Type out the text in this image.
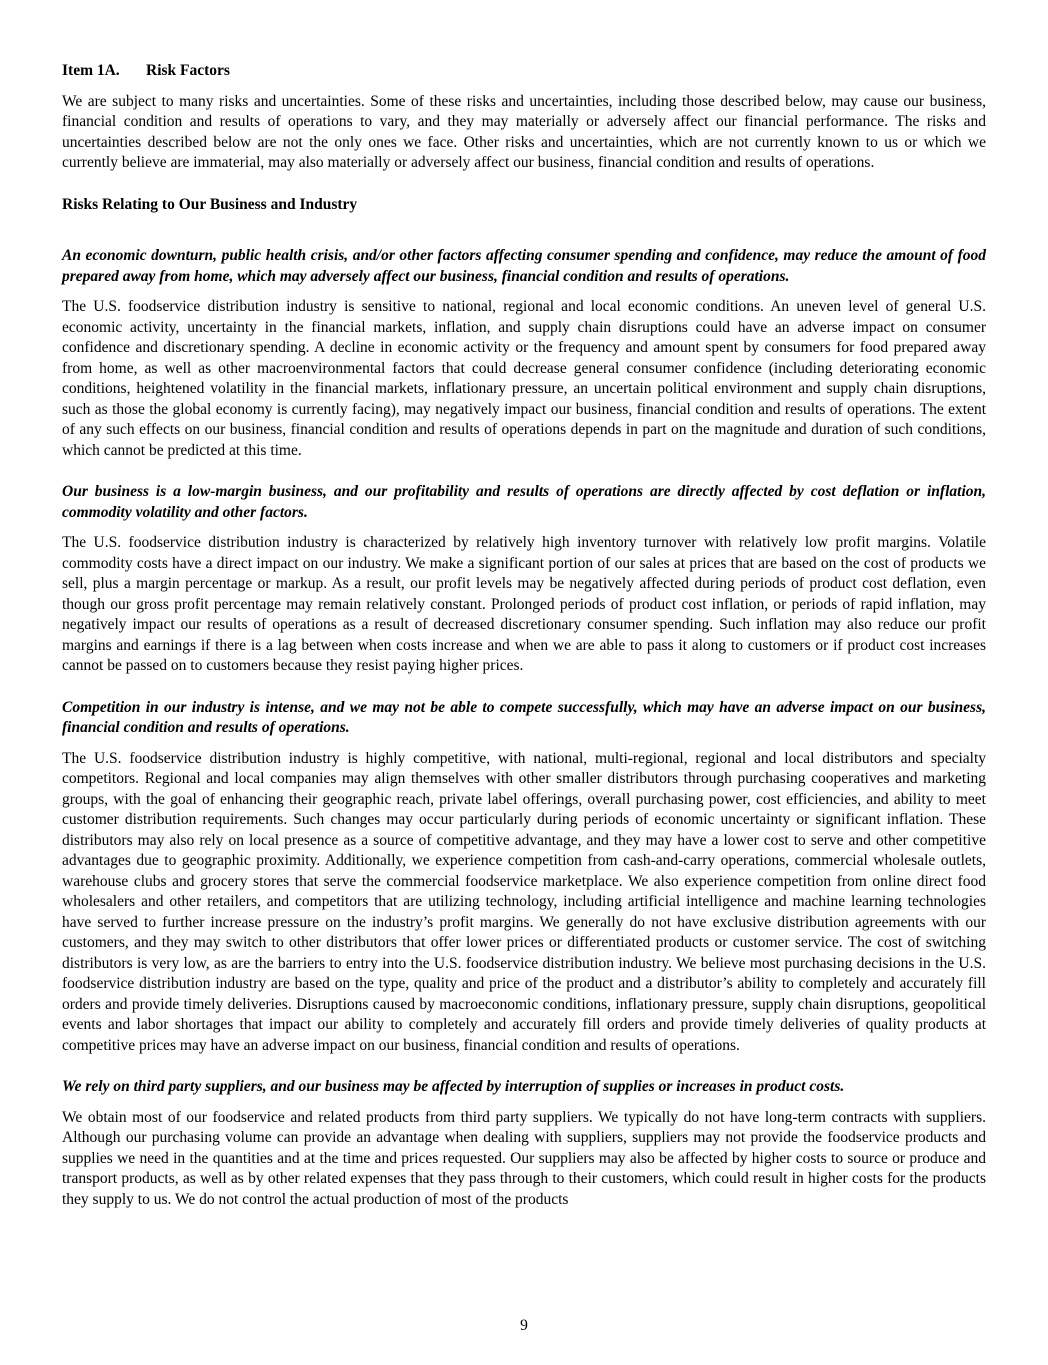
Item 1A. Risk Factors

We are subject to many risks and uncertainties. Some of these risks and uncertainties, including those described below, may cause our business, financial condition and results of operations to vary, and they may materially or adversely affect our financial performance. The risks and uncertainties described below are not the only ones we face. Other risks and uncertainties, which are not currently known to us or which we currently believe are immaterial, may also materially or adversely affect our business, financial condition and results of operations.

Risks Relating to Our Business and Industry

An economic downturn, public health crisis, and/or other factors affecting consumer spending and confidence, may reduce the amount of food prepared away from home, which may adversely affect our business, financial condition and results of operations.

The U.S. foodservice distribution industry is sensitive to national, regional and local economic conditions. An uneven level of general U.S. economic activity, uncertainty in the financial markets, inflation, and supply chain disruptions could have an adverse impact on consumer confidence and discretionary spending. A decline in economic activity or the frequency and amount spent by consumers for food prepared away from home, as well as other macroenvironmental factors that could decrease general consumer confidence (including deteriorating economic conditions, heightened volatility in the financial markets, inflationary pressure, an uncertain political environment and supply chain disruptions, such as those the global economy is currently facing), may negatively impact our business, financial condition and results of operations. The extent of any such effects on our business, financial condition and results of operations depends in part on the magnitude and duration of such conditions, which cannot be predicted at this time.

Our business is a low-margin business, and our profitability and results of operations are directly affected by cost deflation or inflation, commodity volatility and other factors.

The U.S. foodservice distribution industry is characterized by relatively high inventory turnover with relatively low profit margins. Volatile commodity costs have a direct impact on our industry. We make a significant portion of our sales at prices that are based on the cost of products we sell, plus a margin percentage or markup. As a result, our profit levels may be negatively affected during periods of product cost deflation, even though our gross profit percentage may remain relatively constant. Prolonged periods of product cost inflation, or periods of rapid inflation, may negatively impact our results of operations as a result of decreased discretionary consumer spending. Such inflation may also reduce our profit margins and earnings if there is a lag between when costs increase and when we are able to pass it along to customers or if product cost increases cannot be passed on to customers because they resist paying higher prices.

Competition in our industry is intense, and we may not be able to compete successfully, which may have an adverse impact on our business, financial condition and results of operations.

The U.S. foodservice distribution industry is highly competitive, with national, multi-regional, regional and local distributors and specialty competitors. Regional and local companies may align themselves with other smaller distributors through purchasing cooperatives and marketing groups, with the goal of enhancing their geographic reach, private label offerings, overall purchasing power, cost efficiencies, and ability to meet customer distribution requirements. Such changes may occur particularly during periods of economic uncertainty or significant inflation. These distributors may also rely on local presence as a source of competitive advantage, and they may have a lower cost to serve and other competitive advantages due to geographic proximity. Additionally, we experience competition from cash-and-carry operations, commercial wholesale outlets, warehouse clubs and grocery stores that serve the commercial foodservice marketplace. We also experience competition from online direct food wholesalers and other retailers, and competitors that are utilizing technology, including artificial intelligence and machine learning technologies have served to further increase pressure on the industry’s profit margins. We generally do not have exclusive distribution agreements with our customers, and they may switch to other distributors that offer lower prices or differentiated products or customer service. The cost of switching distributors is very low, as are the barriers to entry into the U.S. foodservice distribution industry. We believe most purchasing decisions in the U.S. foodservice distribution industry are based on the type, quality and price of the product and a distributor’s ability to completely and accurately fill orders and provide timely deliveries. Disruptions caused by macroeconomic conditions, inflationary pressure, supply chain disruptions, geopolitical events and labor shortages that impact our ability to completely and accurately fill orders and provide timely deliveries of quality products at competitive prices may have an adverse impact on our business, financial condition and results of operations.

We rely on third party suppliers, and our business may be affected by interruption of supplies or increases in product costs.

We obtain most of our foodservice and related products from third party suppliers. We typically do not have long-term contracts with suppliers. Although our purchasing volume can provide an advantage when dealing with suppliers, suppliers may not provide the foodservice products and supplies we need in the quantities and at the time and prices requested. Our suppliers may also be affected by higher costs to source or produce and transport products, as well as by other related expenses that they pass through to their customers, which could result in higher costs for the products they supply to us. We do not control the actual production of most of the products

9
